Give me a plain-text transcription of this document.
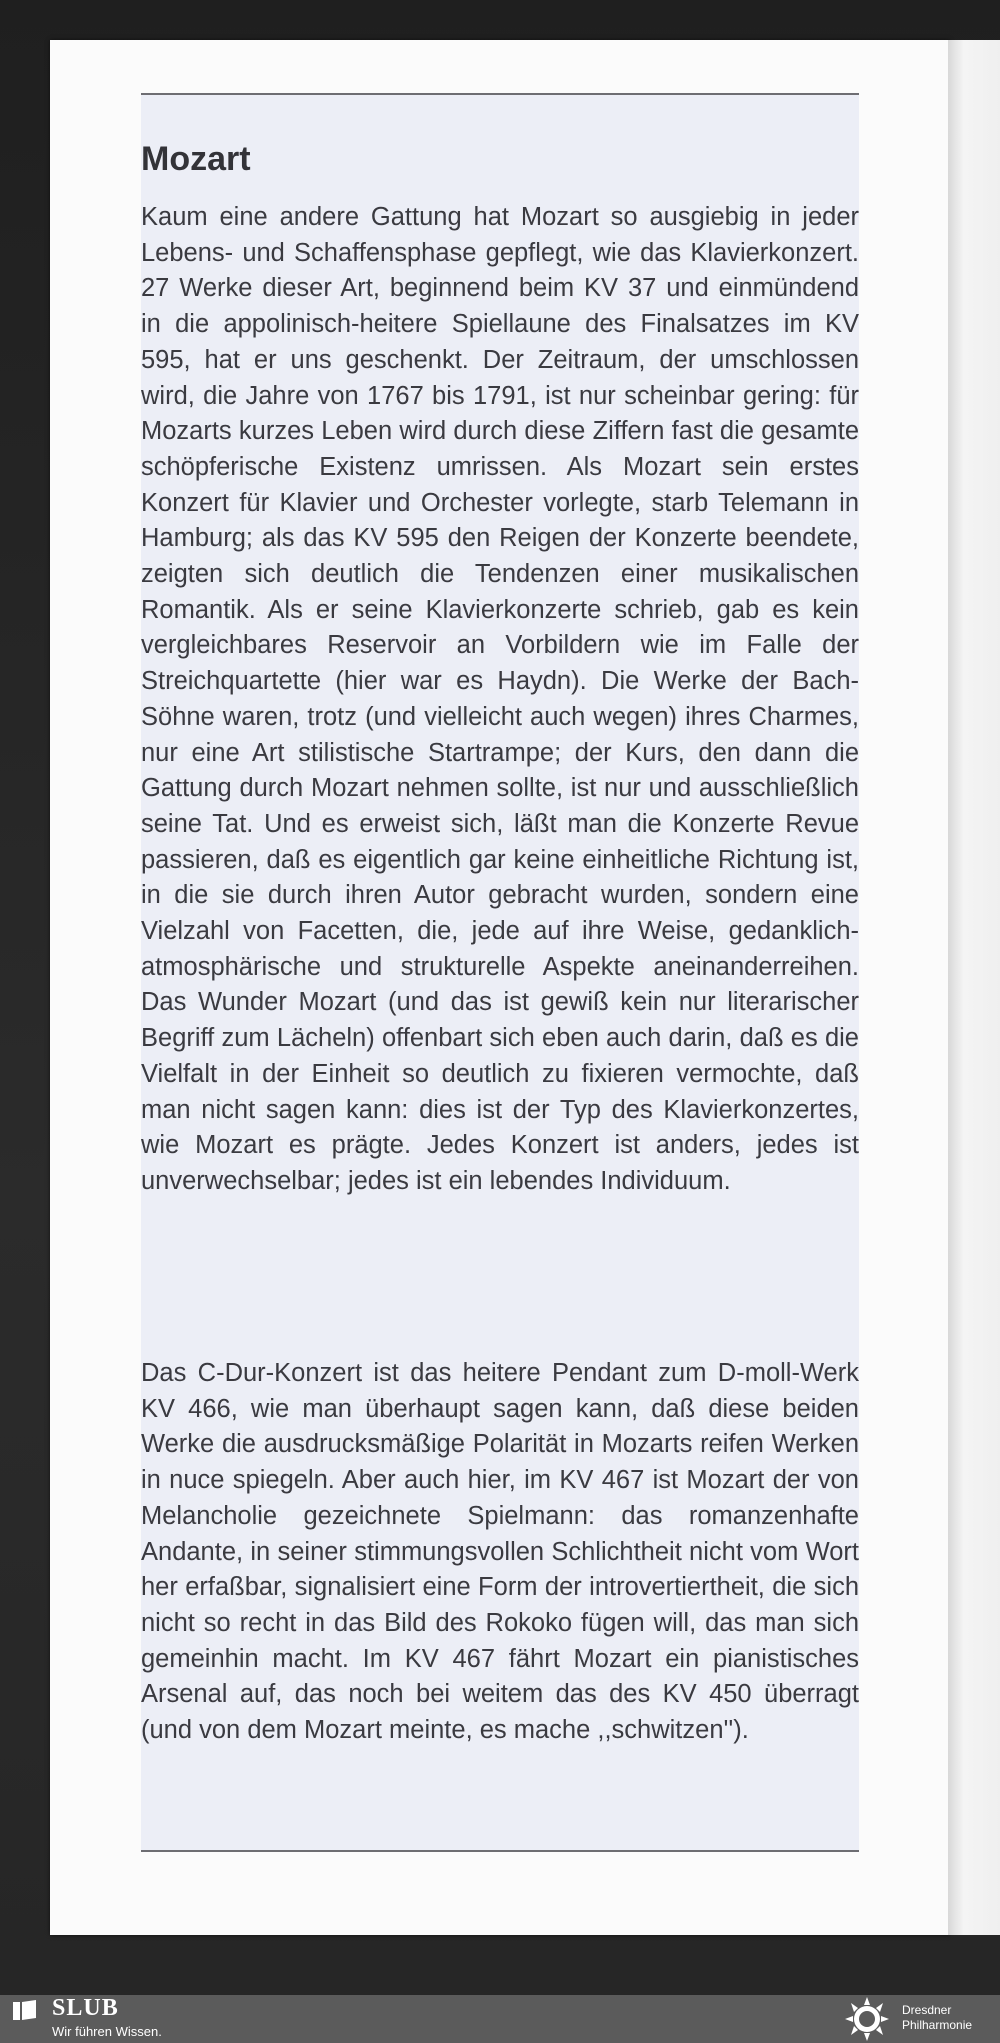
Mozart

Kaum eine andere Gattung hat Mozart so ausgiebig in jeder Lebens- und Schaffensphase gepflegt, wie das Klavierkonzert. 27 Werke dieser Art, beginnend beim KV 37 und einmündend in die appolinisch-heitere Spiellaune des Finalsatzes im KV 595, hat er uns geschenkt. Der Zeitraum, der umschlossen wird, die Jahre von 1767 bis 1791, ist nur scheinbar gering: für Mozarts kurzes Leben wird durch diese Ziffern fast die gesamte schöpferische Existenz umrissen. Als Mozart sein erstes Konzert für Klavier und Orchester vorlegte, starb Telemann in Hamburg; als das KV 595 den Reigen der Konzerte beendete, zeigten sich deutlich die Tendenzen einer musikalischen Romantik. Als er seine Klavierkonzerte schrieb, gab es kein vergleichbares Reservoir an Vorbildern wie im Falle der Streichquartette (hier war es Haydn). Die Werke der Bach-Söhne waren, trotz (und vielleicht auch wegen) ihres Charmes, nur eine Art stilistische Startrampe; der Kurs, den dann die Gattung durch Mozart nehmen sollte, ist nur und ausschließlich seine Tat. Und es erweist sich, läßt man die Konzerte Revue passieren, daß es eigentlich gar keine einheitliche Richtung ist, in die sie durch ihren Autor gebracht wurden, sondern eine Vielzahl von Facetten, die, jede auf ihre Weise, gedanklich-atmosphärische und strukturelle Aspekte aneinanderreihen. Das Wunder Mozart (und das ist gewiß kein nur literarischer Begriff zum Lächeln) offenbart sich eben auch darin, daß es die Vielfalt in der Einheit so deutlich zu fixieren vermochte, daß man nicht sagen kann: dies ist der Typ des Klavierkonzertes, wie Mozart es prägte. Jedes Konzert ist anders, jedes ist unverwechselbar; jedes ist ein lebendes Individuum.

Das C-Dur-Konzert ist das heitere Pendant zum D-moll-Werk KV 466, wie man überhaupt sagen kann, daß diese beiden Werke die ausdrucksmäßige Polarität in Mozarts reifen Werken in nuce spiegeln. Aber auch hier, im KV 467 ist Mozart der von Melancholie gezeichnete Spielmann: das romanzenhafte Andante, in seiner stimmungsvollen Schlichtheit nicht vom Wort her erfaßbar, signalisiert eine Form der introvertiertheit, die sich nicht so recht in das Bild des Rokoko fügen will, das man sich gemeinhin macht. Im KV 467 fährt Mozart ein pianistisches Arsenal auf, das noch bei weitem das des KV 450 überragt (und von dem Mozart meinte, es mache ,,schwitzen'').

SLUB
Wir führen Wissen.
Dresdner
Philharmonie
